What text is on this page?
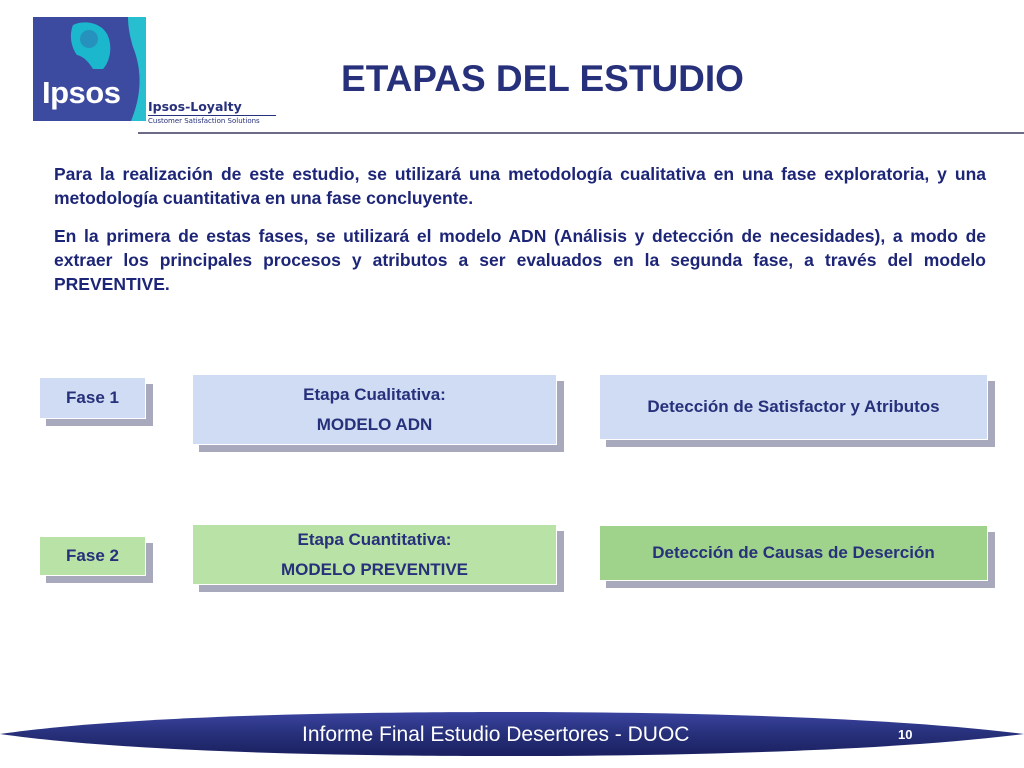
Ipsos Ipsos-Loyalty
Customer Satisfaction Solutions
ETAPAS DEL ESTUDIO

Para la realización de este estudio, se utilizará una metodología cualitativa en una fase exploratoria, y una metodología cuantitativa en una fase concluyente.

En la primera de estas fases, se utilizará el modelo ADN (Análisis y detección de necesidades), a modo de extraer los principales procesos y atributos a ser evaluados en la segunda fase, a través del modelo PREVENTIVE.

Fase 1	Etapa Cualitativa:
MODELO ADN
Detección de Satisfactor y Atributos
Fase 2
Etapa Cuantitativa:
MODELO PREVENTIVE
Detección de Causas de Deserción
Informe Final Estudio Desertores - DUOC	10
